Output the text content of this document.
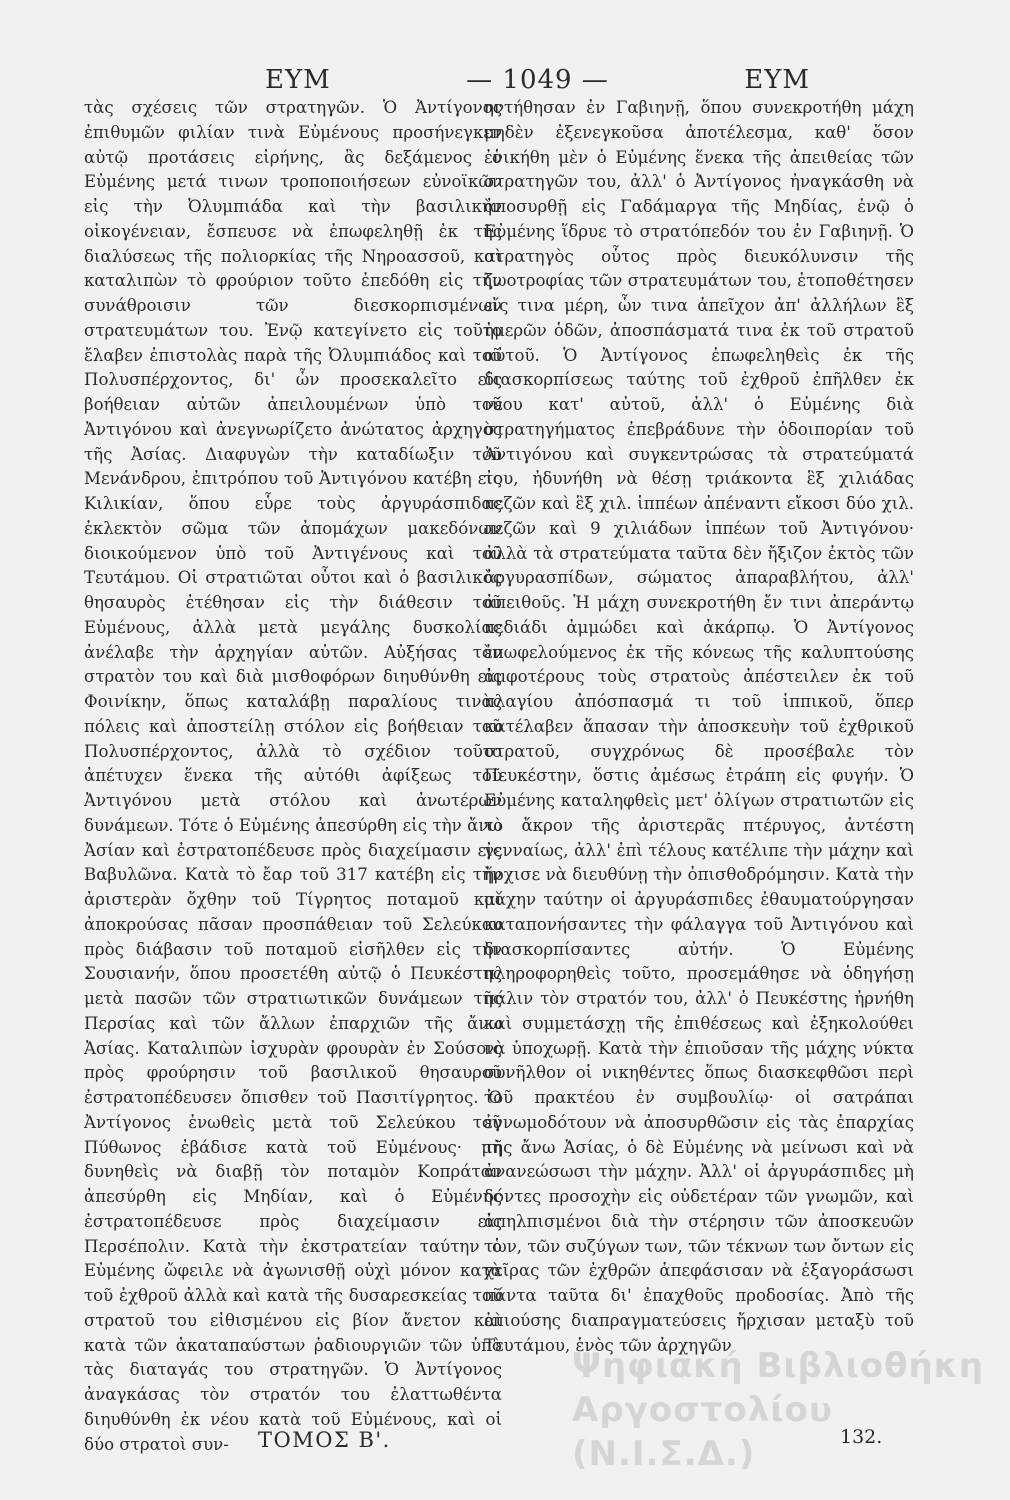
ΕΥΜ	— 1049 —	ΕΥΜ

τὰς σχέσεις τῶν στρατηγῶν. Ὁ Ἀντίγονος ἐπιθυμῶν φιλίαν τινὰ Εὐμένους προσήνεγκεν αὐτῷ προτάσεις εἰρήνης, ἃς δεξάμενος ὁ Εὐμένης μετά τινων τροποποιήσεων εὐνοϊκῶν εἰς τὴν Ὀλυμπιάδα καὶ τὴν βασιλικὴν οἰκογένειαν, ἔσπευσε νὰ ἐπωφεληθῇ ἐκ τῆς διαλύσεως τῆς πολιορκίας τῆς Νηροασσοῦ, καὶ καταλιπὼν τὸ φρούριον τοῦτο ἐπεδόθη εἰς τὴν συνάθροισιν τῶν διεσκορπισμένων στρατευμάτων του. Ἐνῷ κατεγίνετο εἰς τοῦτο ἔλαβεν ἐπιστολὰς παρὰ τῆς Ὀλυμπιάδος καὶ τοῦ Πολυσπέρχοντος, δι' ὧν προσεκαλεῖτο εἰς βοήθειαν αὐτῶν ἀπειλουμένων ὑπὸ τοῦ Ἀντιγόνου καὶ ἀνεγνωρίζετο ἀνώτατος ἀρχηγὸς τῆς Ἀσίας. Διαφυγὼν τὴν καταδίωξιν τοῦ Μενάνδρου, ἐπιτρόπου τοῦ Ἀντιγόνου κατέβη εἰς Κιλικίαν, ὅπου εὗρε τοὺς ἀργυράσπιδας ἐκλεκτὸν σῶμα τῶν ἀπομάχων μακεδόνων διοικούμενον ὑπὸ τοῦ Ἀντιγένους καὶ τοῦ Τευτάμου. Οἱ στρατιῶται οὗτοι καὶ ὁ βασιλικὸς θησαυρὸς ἐτέθησαν εἰς τὴν διάθεσιν τοῦ Εὐμένους, ἀλλὰ μετὰ μεγάλης δυσκολίας ἀνέλαβε τὴν ἀρχηγίαν αὐτῶν. Αὐξήσας τὸν στρατὸν του καὶ διὰ μισθοφόρων διηυθύνθη εἰς Φοινίκην, ὅπως καταλάβῃ παραλίους τινὰς πόλεις καὶ ἀποστείλῃ στόλον εἰς βοήθειαν τοῦ Πολυσπέρχοντος, ἀλλὰ τὸ σχέδιον τοῦτο ἀπέτυχεν ἕνεκα τῆς αὐτόθι ἀφίξεως τοῦ Ἀντιγόνου μετὰ στόλου καὶ ἀνωτέρων δυνάμεων. Τότε ὁ Εὐμένης ἀπεσύρθη εἰς τὴν ἄνω Ἀσίαν καὶ ἐστρατοπέδευσε πρὸς διαχείμασιν εἰς Βαβυλῶνα. Κατὰ τὸ ἔαρ τοῦ 317 κατέβη εἰς τὴν ἀριστερὰν ὄχθην τοῦ Τίγρητος ποταμοῦ καὶ ἀποκρούσας πᾶσαν προσπάθειαν τοῦ Σελεύκου πρὸς διάβασιν τοῦ ποταμοῦ εἰσῆλθεν εἰς τὴν Σουσιανήν, ὅπου προσετέθη αὐτῷ ὁ Πευκέστης μετὰ πασῶν τῶν στρατιωτικῶν δυνάμεων τῆς Περσίας καὶ τῶν ἄλλων ἐπαρχιῶν τῆς ἄνω Ἀσίας. Καταλιπὼν ἰσχυρὰν φρουρὰν ἐν Σούσοις πρὸς φρούρησιν τοῦ βασιλικοῦ θησαυροῦ ἐστρατοπέδευσεν ὄπισθεν τοῦ Πασιτίγρητος. Ὁ Ἀντίγονος ἑνωθεὶς μετὰ τοῦ Σελεύκου τοῦ Πύθωνος ἐβάδισε κατὰ τοῦ Εὐμένους· μὴ δυνηθεὶς νὰ διαβῇ τὸν ποταμὸν Κοπράταν ἀπεσύρθη εἰς Μηδίαν, καὶ ὁ Εὐμένης ἐστρατοπέδευσε πρὸς διαχείμασιν εἰς Περσέπολιν. Κατὰ τὴν ἐκστρατείαν ταύτην ὁ Εὐμένης ὤφειλε νὰ ἀγωνισθῇ οὐχὶ μόνον κατὰ τοῦ ἐχθροῦ ἀλλὰ καὶ κατὰ τῆς δυσαρεσκείας τοῦ στρατοῦ του εἰθισμένου εἰς βίον ἄνετον καὶ κατὰ τῶν ἀκαταπαύστων ῥαδιουργιῶν τῶν ὑπὸ τὰς διαταγάς του στρατηγῶν. Ὁ Ἀντίγονος ἀναγκάσας τὸν στρατόν του ἐλαττωθέντα διηυθύνθη ἐκ νέου κατὰ τοῦ Εὐμένους, καὶ οἱ δύο στρατοὶ συν-

ηντήθησαν ἐν Γαβιηνῇ, ὅπου συνεκροτήθη μάχη μηδὲν ἐξενεγκοῦσα ἀποτέλεσμα, καθ' ὅσον ἐνικήθη μὲν ὁ Εὐμένης ἕνεκα τῆς ἀπειθείας τῶν στρατηγῶν του, ἀλλ' ὁ Ἀντίγονος ἠναγκάσθη νὰ ἀποσυρθῇ εἰς Γαδάμαργα τῆς Μηδίας, ἐνῷ ὁ Εὐμένης ἵδρυε τὸ στρατόπεδόν του ἐν Γαβιηνῇ. Ὁ στρατηγὸς οὗτος πρὸς διευκόλυνσιν τῆς ζωοτροφίας τῶν στρατευμάτων του, ἐτοποθέτησεν εἴς τινα μέρη, ὧν τινα ἀπεῖχον ἀπ' ἀλλήλων ἓξ ἡμερῶν ὁδῶν, ἀποσπάσματά τινα ἐκ τοῦ στρατοῦ αὐτοῦ. Ὁ Ἀντίγονος ἐπωφεληθεὶς ἐκ τῆς διασκορπίσεως ταύτης τοῦ ἐχθροῦ ἐπῆλθεν ἐκ νέου κατ' αὐτοῦ, ἀλλ' ὁ Εὐμένης διὰ στρατηγήματος ἐπεβράδυνε τὴν ὁδοιπορίαν τοῦ Ἀντιγόνου καὶ συγκεντρώσας τὰ στρατεύματά του, ἠδυνήθη νὰ θέσῃ τριάκοντα ἓξ χιλιάδας πεζῶν καὶ ἓξ χιλ. ἱππέων ἀπέναντι εἴκοσι δύο χιλ. πεζῶν καὶ 9 χιλιάδων ἱππέων τοῦ Ἀντιγόνου· ἀλλὰ τὰ στρατεύματα ταῦτα δὲν ἤξιζον ἐκτὸς τῶν ἀργυρασπίδων, σώματος ἀπαραβλήτου, ἀλλ' ἀπειθοῦς. Ἡ μάχη συνεκροτήθη ἔν τινι ἀπεράντῳ πεδιάδι ἀμμώδει καὶ ἀκάρπῳ. Ὁ Ἀντίγονος ἐπωφελούμενος ἐκ τῆς κόνεως τῆς καλυπτούσης ἀμφοτέρους τοὺς στρατοὺς ἀπέστειλεν ἐκ τοῦ πλαγίου ἀπόσπασμά τι τοῦ ἱππικοῦ, ὅπερ κατέλαβεν ἅπασαν τὴν ἀποσκευὴν τοῦ ἐχθρικοῦ στρατοῦ, συγχρόνως δὲ προσέβαλε τὸν Πευκέστην, ὅστις ἀμέσως ἐτράπη εἰς φυγήν. Ὁ Εὐμένης καταληφθεὶς μετ' ὀλίγων στρατιωτῶν εἰς τὸ ἄκρον τῆς ἀριστερᾶς πτέρυγος, ἀντέστη γενναίως, ἀλλ' ἐπὶ τέλους κατέλιπε τὴν μάχην καὶ ἤρχισε νὰ διευθύνῃ τὴν ὀπισθοδρόμησιν. Κατὰ τὴν μάχην ταύτην οἱ ἀργυράσπιδες ἐθαυματούργησαν καταπονήσαντες τὴν φάλαγγα τοῦ Ἀντιγόνου καὶ διασκορπίσαντες αὐτήν. Ὁ Εὐμένης πληροφορηθεὶς τοῦτο, προσεμάθησε νὰ ὁδηγήσῃ πάλιν τὸν στρατόν του, ἀλλ' ὁ Πευκέστης ἠρνήθη καὶ συμμετάσχῃ τῆς ἐπιθέσεως καὶ ἐξηκολούθει νὰ ὑποχωρῇ. Κατὰ τὴν ἐπιοῦσαν τῆς μάχης νύκτα συνῆλθον οἱ νικηθέντες ὅπως διασκεφθῶσι περὶ τοῦ πρακτέου ἐν συμβουλίῳ· οἱ σατράπαι ἐγνωμοδότουν νὰ ἀποσυρθῶσιν εἰς τὰς ἐπαρχίας τῆς ἄνω Ἀσίας, ὁ δὲ Εὐμένης νὰ μείνωσι καὶ νὰ ἀνανεώσωσι τὴν μάχην. Ἀλλ' οἱ ἀργυράσπιδες μὴ δόντες προσοχὴν εἰς οὐδετέραν τῶν γνωμῶν, καὶ ἀπηλπισμένοι διὰ τὴν στέρησιν τῶν ἀποσκευῶν των, τῶν συζύγων των, τῶν τέκνων των ὄντων εἰς χεῖρας τῶν ἐχθρῶν ἀπεφάσισαν νὰ ἐξαγοράσωσι πάντα ταῦτα δι' ἐπαχθοῦς προδοσίας. Ἀπὸ τῆς ἐπιούσης διαπραγματεύσεις ἤρχισαν μεταξὺ τοῦ Τευτάμου, ἑνὸς τῶν ἀρχηγῶν

Ψηφιακή Βιβλιοθήκη
Αργοστολίου (Ν.Ι.Σ.Δ.)
ΤΟΜΟΣ Β'.	132.
